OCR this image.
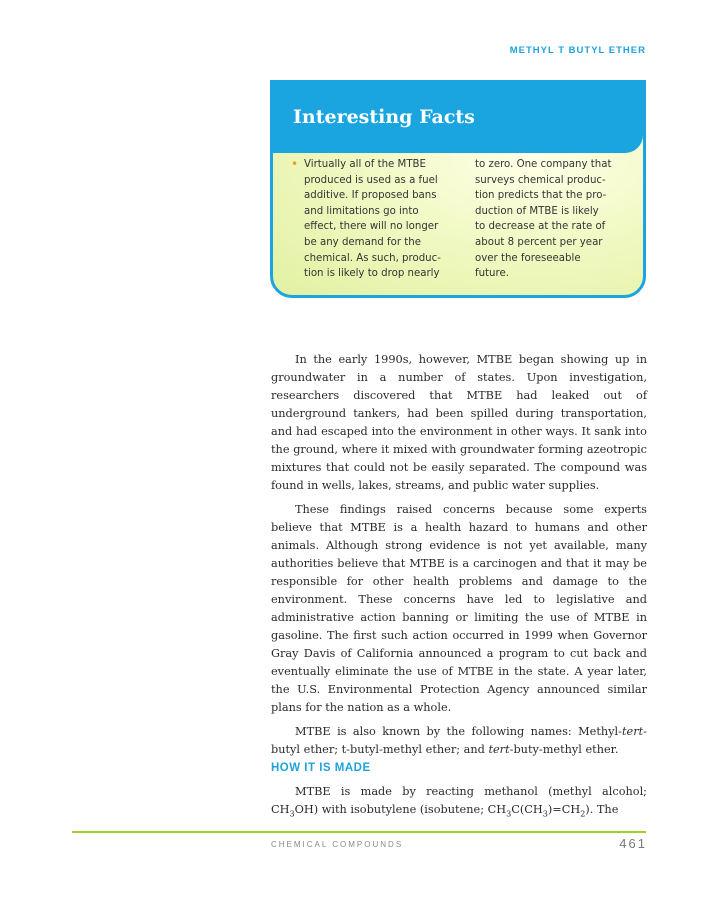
METHYL T BUTYL ETHER
Interesting Facts
• Virtually all of the MTBE
produced is used as a fuel
additive. If proposed bans
and limitations go into
effect, there will no longer
be any demand for the
chemical. As such, produc-
tion is likely to drop nearly
to zero. One company that
surveys chemical produc-
tion predicts that the pro-
duction of MTBE is likely
to decrease at the rate of
about 8 percent per year
over the foreseeable
future.

In the early 1990s, however, MTBE began showing up in groundwater in a number of states. Upon investigation, researchers discovered that MTBE had leaked out of underground tankers, had been spilled during transportation, and had escaped into the environment in other ways. It sank into the ground, where it mixed with groundwater forming azeotropic mixtures that could not be easily separated. The compound was found in wells, lakes, streams, and public water supplies.

These findings raised concerns because some experts believe that MTBE is a health hazard to humans and other animals. Although strong evidence is not yet available, many authorities believe that MTBE is a carcinogen and that it may be responsible for other health problems and damage to the environment. These concerns have led to legislative and administrative action banning or limiting the use of MTBE in gasoline. The first such action occurred in 1999 when Governor Gray Davis of California announced a program to cut back and eventually eliminate the use of MTBE in the state. A year later, the U.S. Environmental Protection Agency announced similar plans for the nation as a whole.

MTBE is also known by the following names: Methyl-tert-butyl ether; t-butyl-methyl ether; and tert-buty-methyl ether.

HOW IT IS MADE

MTBE is made by reacting methanol (methyl alcohol; $CH_3OH$) with isobutylene (isobutene; $CH_3C(CH_3)=CH_2$). The

CHEMICAL COMPOUNDS	461
